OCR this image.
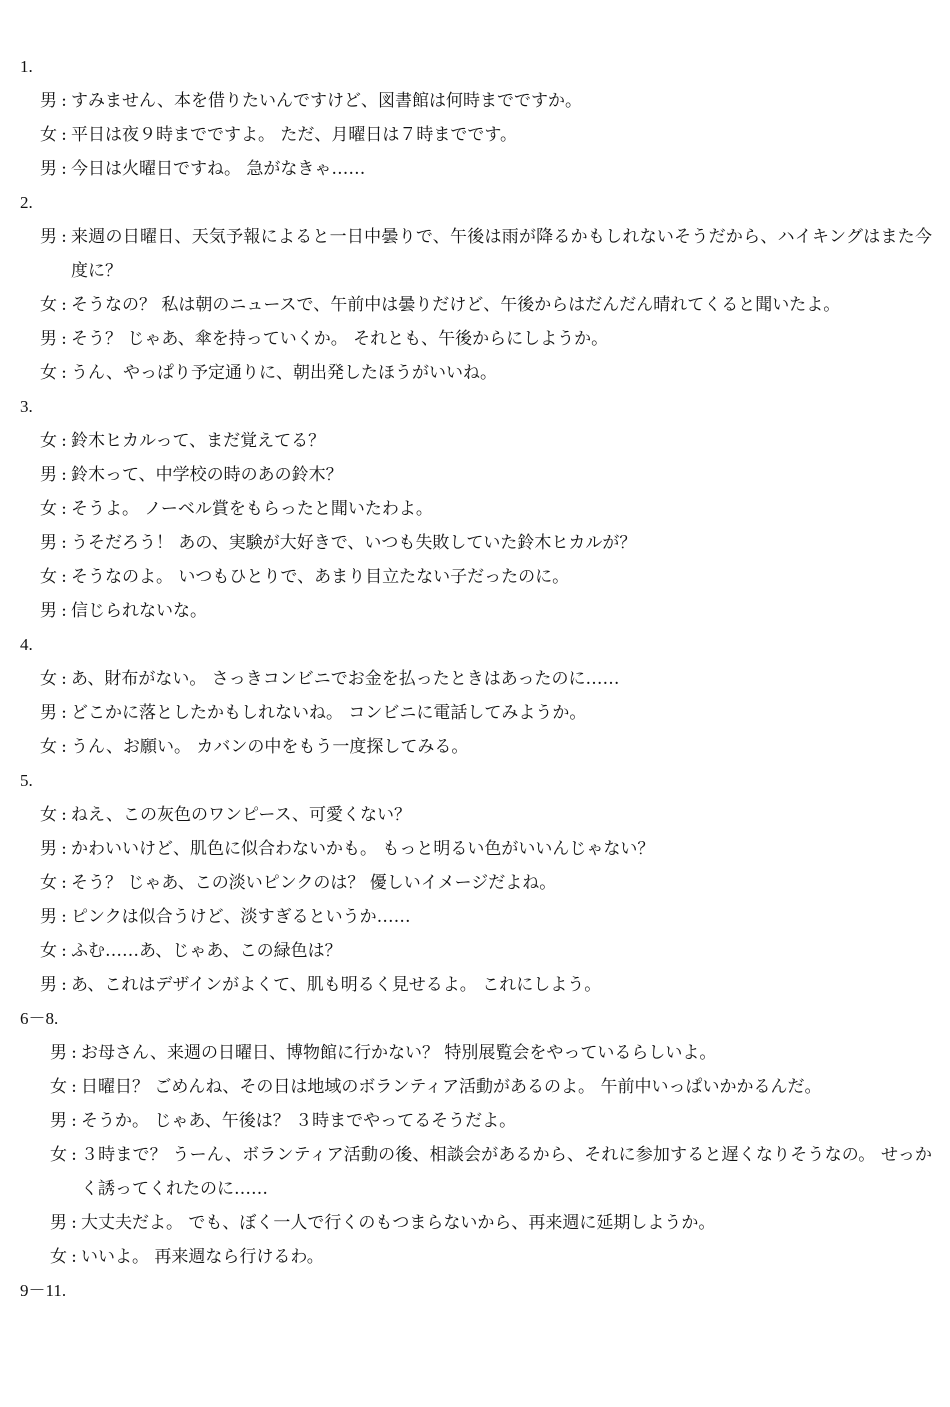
1.
男 : すみません、本を借りたいんですけど、図書館は何時までですか。
女 : 平日は夜９時までですよ。 ただ、月曜日は７時までです。
男 : 今日は火曜日ですね。 急がなきゃ……
2.
男 : 来週の日曜日、天気予報によると一日中曇りで、午後は雨が降るかもしれないそうだから、ハイキングはまた今度に？
女 : そうなの？ 私は朝のニュースで、午前中は曇りだけど、午後からはだんだん晴れてくると聞いたよ。
男 : そう？ じゃあ、傘を持っていくか。 それとも、午後からにしようか。
女 : うん、やっぱり予定通りに、朝出発したほうがいいね。
3.
女 : 鈴木ヒカルって、まだ覚えてる？
男 : 鈴木って、中学校の時のあの鈴木？
女 : そうよ。 ノーベル賞をもらったと聞いたわよ。
男 : うそだろう！ あの、実験が大好きで、いつも失敗していた鈴木ヒカルが？
女 : そうなのよ。 いつもひとりで、あまり目立たない子だったのに。
男 : 信じられないな。
4.
女 : あ、財布がない。 さっきコンビニでお金を払ったときはあったのに……
男 : どこかに落としたかもしれないね。 コンビニに電話してみようか。
女 : うん、お願い。 カバンの中をもう一度探してみる。
5.
女 : ねえ、この灰色のワンピース、可愛くない？
男 : かわいいけど、肌色に似合わないかも。 もっと明るい色がいいんじゃない？
女 : そう？ じゃあ、この淡いピンクのは？ 優しいイメージだよね。
男 : ピンクは似合うけど、淡すぎるというか……
女 : ふむ……あ、じゃあ、この緑色は？
男 : あ、これはデザインがよくて、肌も明るく見せるよ。 これにしよう。
6－8.
男 : お母さん、来週の日曜日、博物館に行かない？ 特別展覧会をやっているらしいよ。
女 : 日曜日？ ごめんね、その日は地域のボランティア活動があるのよ。 午前中いっぱいかかるんだ。
男 : そうか。 じゃあ、午後は？ ３時までやってるそうだよ。
女 : ３時まで？ うーん、ボランティア活動の後、相談会があるから、それに参加すると遅くなりそうなの。 せっかく誘ってくれたのに……
男 : 大丈夫だよ。 でも、ぼく一人で行くのもつまらないから、再来週に延期しようか。
女 : いいよ。 再来週なら行けるわ。
9－11.
